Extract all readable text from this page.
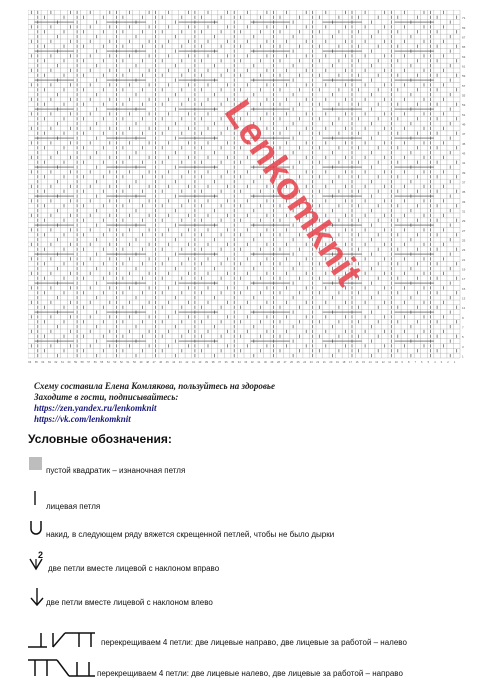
1
3
5
7
9
11
13
15
17
19
21
23
25
27
29
31
33
35
37
39
41
43
45
47
49
51
53
55
57
59
61
63
65
67
69
71
1
2
3
4
5
6
7
8
9
10
11
12
13
14
15
16
17
18
19
20
21
22
23
24
25
26
27
28
29
30
31
32
33
34
35
36
37
38
39
40
41
42
43
44
45
46
47
48
49
50
51
52
53
54
55
56
57
58
59
60
61
62
63
64
65
66
Lenkomknit
Схему составила Елена Комлякова, пользуйтесь на здоровье
Заходите в гости, подписывайтесь:
https://zen.yandex.ru/lenkomknit
https://vk.com/lenkomknit
Условные обозначения:
пустой квадратик – изнаночная петля
лицевая петля
накид, в следующем ряду вяжется скрещенной петлей, чтобы не было дырки
2
две петли вместе лицевой с наклоном вправо
две петли вместе лицевой с наклоном влево
перекрещиваем 4 петли: две лицевые направо, две лицевые за работой – налево
перекрещиваем 4 петли: две лицевые налево, две лицевые за работой – направо
